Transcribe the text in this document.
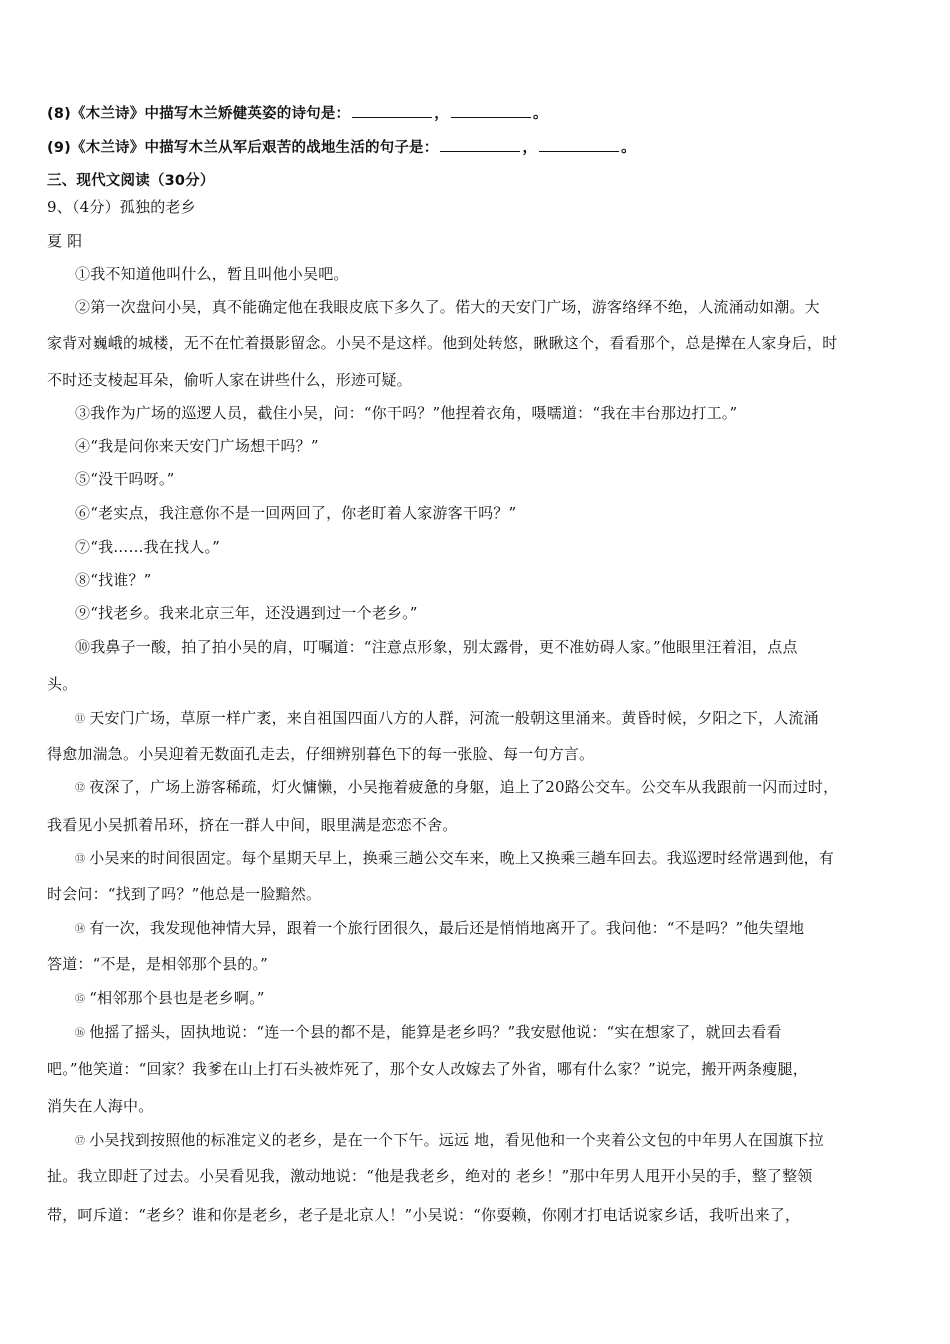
(8)《木兰诗》中描写木兰矫健英姿的诗句是：	，	。
(9)《木兰诗》中描写木兰从军后艰苦的战地生活的句子是：	，	。
三、现代文阅读（30分）
9、（4分）孤独的老乡
夏 阳
①我不知道他叫什么，暂且叫他小吴吧。
②第一次盘问小吴，真不能确定他在我眼皮底下多久了。偌大的天安门广场，游客络绎不绝，人流涌动如潮。大
家背对巍峨的城楼，无不在忙着摄影留念。小吴不是这样。他到处转悠，瞅瞅这个，看看那个，总是撵在人家身后，时
不时还支棱起耳朵，偷听人家在讲些什么，形迹可疑。
③我作为广场的巡逻人员，截住小吴，问：“你干吗？”他捏着衣角，嗫嚅道：“我在丰台那边打工。”
④“我是问你来天安门广场想干吗？”
⑤“没干吗呀。”
⑥“老实点，我注意你不是一回两回了，你老盯着人家游客干吗？”
⑦“我……我在找人。”
⑧“找谁？”
⑨“找老乡。我来北京三年，还没遇到过一个老乡。”
⑩我鼻子一酸，拍了拍小吴的肩，叮嘱道：“注意点形象，别太露骨，更不准妨碍人家。”他眼里汪着泪，点点
头。
⑪ 天安门广场，草原一样广袤，来自祖国四面八方的人群，河流一般朝这里涌来。黄昏时候，夕阳之下，人流涌
得愈加湍急。小吴迎着无数面孔走去，仔细辨别暮色下的每一张脸、每一句方言。
⑫ 夜深了，广场上游客稀疏，灯火慵懒，小吴拖着疲惫的身躯，追上了20路公交车。公交车从我跟前一闪而过时，
我看见小吴抓着吊环，挤在一群人中间，眼里满是恋恋不舍。
⑬ 小吴来的时间很固定。每个星期天早上，换乘三趟公交车来，晚上又换乘三趟车回去。我巡逻时经常遇到他，有
时会问：“找到了吗？”他总是一脸黯然。
⑭ 有一次，我发现他神情大异，跟着一个旅行团很久，最后还是悄悄地离开了。我问他：“不是吗？”他失望地
答道：“不是，是相邻那个县的。”
⑮ “相邻那个县也是老乡啊。”
⑯ 他摇了摇头，固执地说：“连一个县的都不是，能算是老乡吗？”我安慰他说：“实在想家了，就回去看看
吧。”他笑道：“回家？我爹在山上打石头被炸死了，那个女人改嫁去了外省，哪有什么家？”说完，搬开两条瘦腿，
消失在人海中。
⑰ 小吴找到按照他的标准定义的老乡，是在一个下午。远远 地，看见他和一个夹着公文包的中年男人在国旗下拉
扯。我立即赶了过去。小吴看见我，激动地说：“他是我老乡，绝对的 老乡！”那中年男人甩开小吴的手，整了整领
带，呵斥道：“老乡？谁和你是老乡，老子是北京人！”小吴说：“你耍赖，你刚才打电话说家乡话，我听出来了，
